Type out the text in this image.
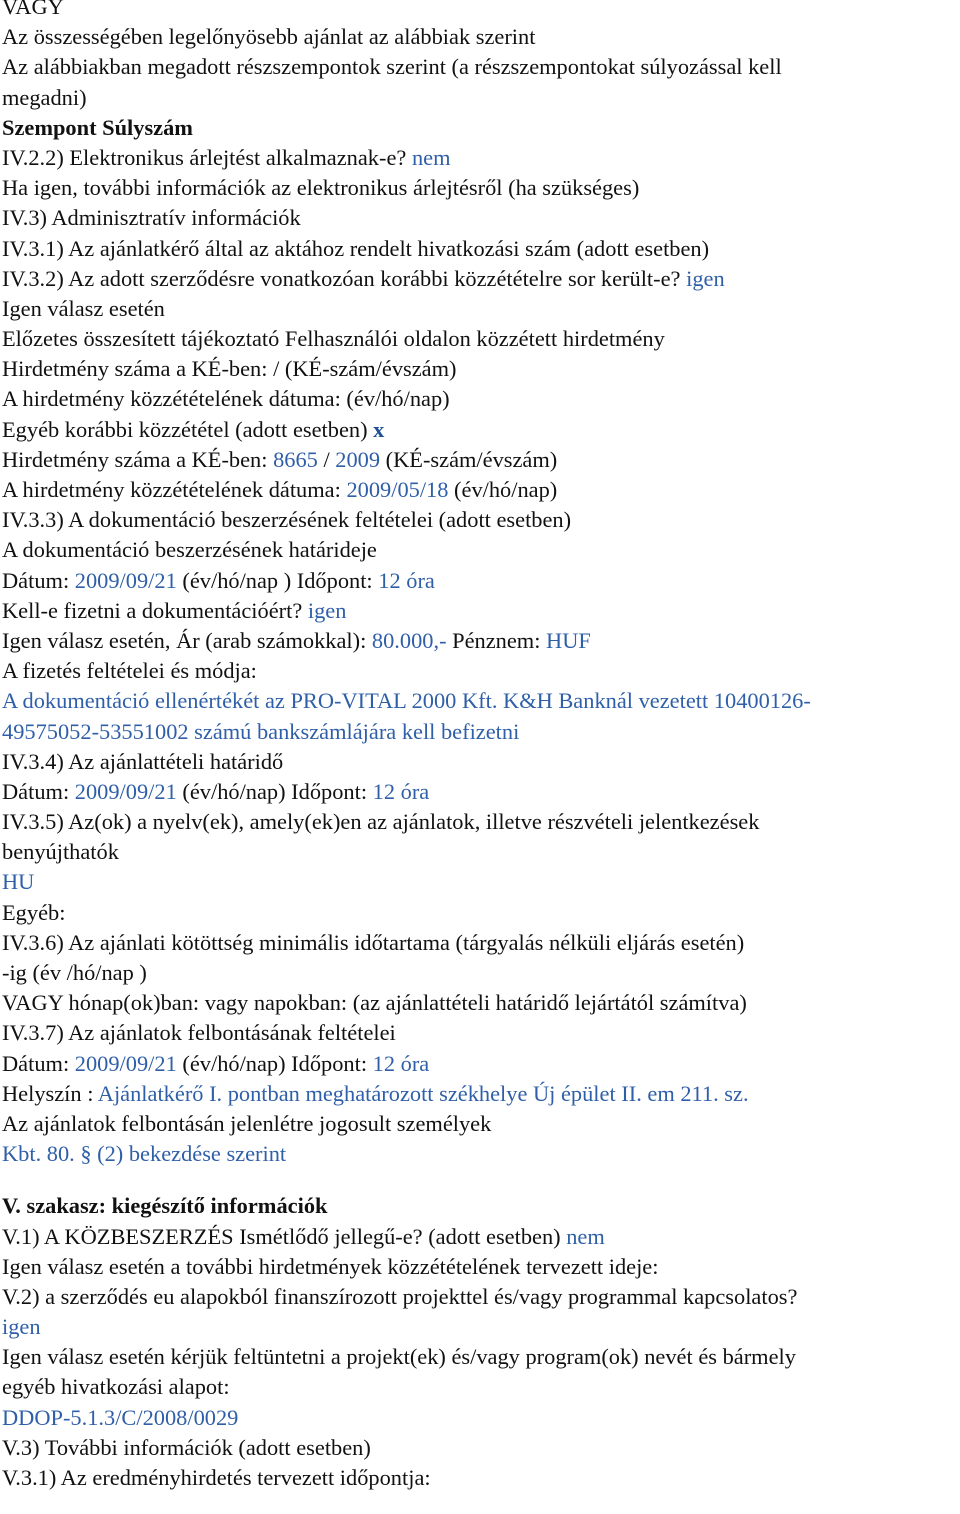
VAGY
Az összességében legelőnyösebb ajánlat az alábbiak szerint
Az alábbiakban megadott részszempontok szerint (a részszempontokat súlyozással kell
megadni)
Szempont Súlyszám
IV.2.2) Elektronikus árlejtést alkalmaznak-e? nem
Ha igen, további információk az elektronikus árlejtésről (ha szükséges)
IV.3) Adminisztratív információk
IV.3.1) Az ajánlatkérő által az aktához rendelt hivatkozási szám (adott esetben)
IV.3.2) Az adott szerződésre vonatkozóan korábbi közzétételre sor került-e? igen
Igen válasz esetén
Előzetes összesített tájékoztató Felhasználói oldalon közzétett hirdetmény
Hirdetmény száma a KÉ-ben: / (KÉ-szám/évszám)
A hirdetmény közzétételének dátuma: (év/hó/nap)
Egyéb korábbi közzététel (adott esetben) x
Hirdetmény száma a KÉ-ben: 8665 / 2009 (KÉ-szám/évszám)
A hirdetmény közzétételének dátuma: 2009/05/18 (év/hó/nap)
IV.3.3) A dokumentáció beszerzésének feltételei (adott esetben)
A dokumentáció beszerzésének határideje
Dátum: 2009/09/21 (év/hó/nap ) Időpont: 12 óra
Kell-e fizetni a dokumentációért? igen
Igen válasz esetén, Ár (arab számokkal): 80.000,- Pénznem: HUF
A fizetés feltételei és módja:
A dokumentáció ellenértékét az PRO-VITAL 2000 Kft. K&H Banknál vezetett 10400126-
49575052-53551002 számú bankszámlájára kell befizetni
IV.3.4) Az ajánlattételi határidő
Dátum: 2009/09/21 (év/hó/nap) Időpont: 12 óra
IV.3.5) Az(ok) a nyelv(ek), amely(ek)en az ajánlatok, illetve részvételi jelentkezések
benyújthatók
HU
Egyéb:
IV.3.6) Az ajánlati kötöttség minimális időtartama (tárgyalás nélküli eljárás esetén)
-ig (év /hó/nap )
VAGY hónap(ok)ban: vagy napokban: (az ajánlattételi határidő lejártától számítva)
IV.3.7) Az ajánlatok felbontásának feltételei
Dátum: 2009/09/21 (év/hó/nap) Időpont: 12 óra
Helyszín : Ajánlatkérő I. pontban meghatározott székhelye Új épület II. em 211. sz.
Az ajánlatok felbontásán jelenlétre jogosult személyek
Kbt. 80. § (2) bekezdése szerint
V. szakasz: kiegészítő információk
V.1) A KÖZBESZERZÉS Ismétlődő jellegű-e? (adott esetben) nem
Igen válasz esetén a további hirdetmények közzétételének tervezett ideje:
V.2) a szerződés eu alapokból finanszírozott projekttel és/vagy programmal kapcsolatos?
igen
Igen válasz esetén kérjük feltüntetni a projekt(ek) és/vagy program(ok) nevét és bármely
egyéb hivatkozási alapot:
DDOP-5.1.3/C/2008/0029
V.3) További információk (adott esetben)
V.3.1) Az eredményhirdetés tervezett időpontja:
